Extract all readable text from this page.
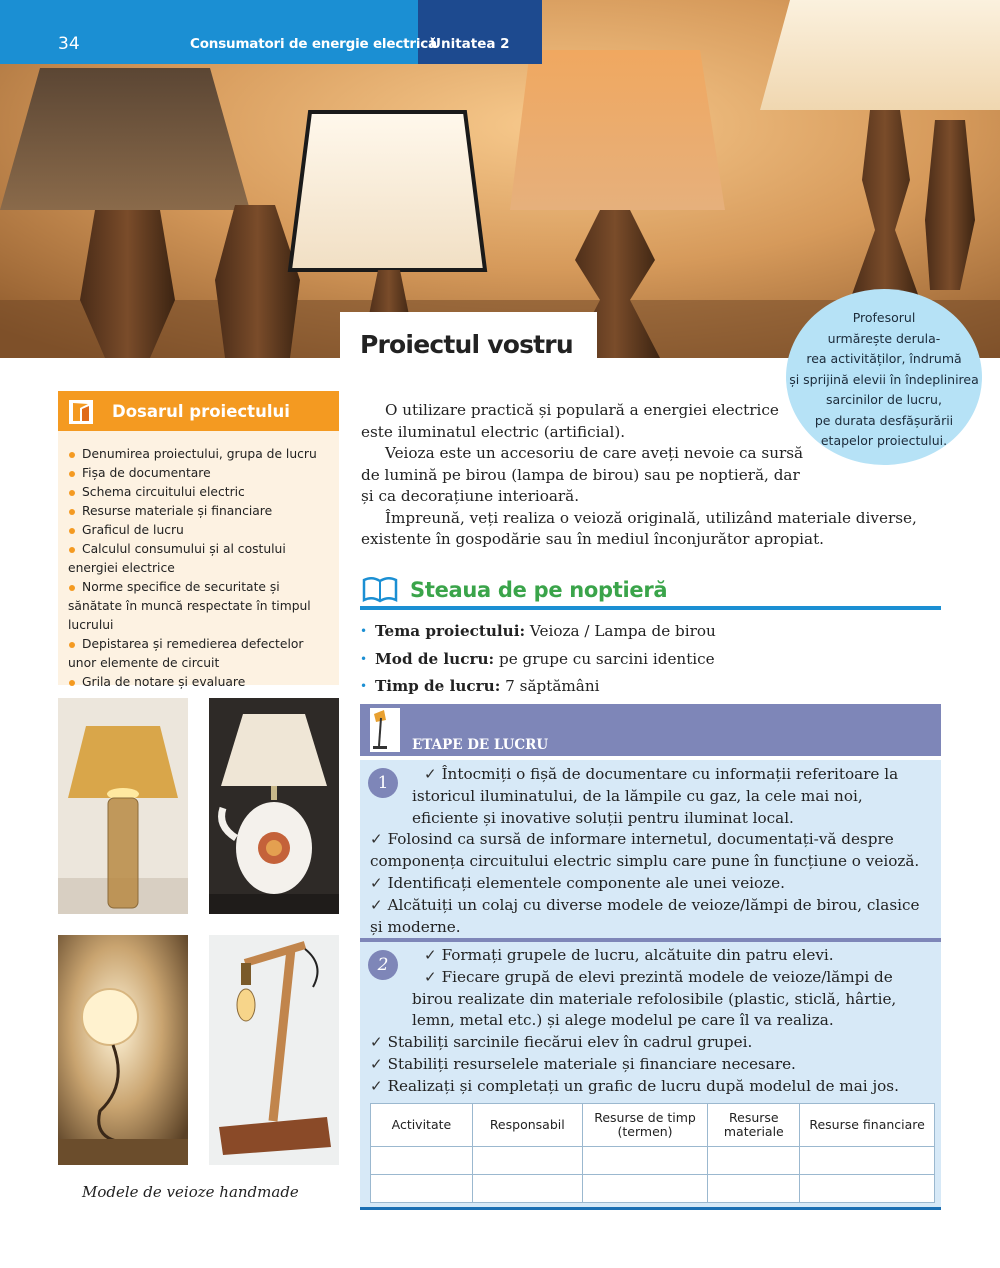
34	Consumatori de energie electrică
Unitatea 2
Proiectul vostru
Profesorul
urmărește derula-
rea activităților, îndrumă
și sprijină elevii în îndeplinirea
sarcinilor de lucru,
pe durata desfășurării
etapelor proiectului.
Dosarul proiectului
Denumirea proiectului, grupa de lucru
Fișa de documentare
Schema circuitului electric
Resurse materiale și financiare
Graficul de lucru
Calculul consumului și al costului energiei electrice
Norme specifice de securitate și sănătate în muncă respectate în timpul lucrului
Depistarea și remedierea defectelor unor elemente de circuit
Grila de notare și evaluare
Modele de veioze handmade

O utilizare practică și populară a energiei electrice este iluminatul electric (artificial).

Veioza este un accesoriu de care aveți nevoie ca sursă de lumină pe birou (lampa de birou) sau pe noptieră, dar și ca decorațiune interioară.

Împreună, veți realiza o veioză originală, utilizând materiale diverse, existente în gospodărie sau în mediul înconjurător apropiat.

Steaua de pe noptieră
• Tema proiectului: Veioza / Lampa de birou
• Mod de lucru: pe grupe cu sarcini identice
• Timp de lucru: 7 săptămâni
ETAPE DE LUCRU
1	✓ Întocmiți o fișă de documentare cu informații referitoare la istoricul iluminatului, de la lămpile cu gaz, la cele mai noi, eficiente și inovative soluții pentru iluminat local.
✓ Folosind ca sursă de informare internetul, documentați-vă despre componența circuitului electric simplu care pune în funcțiune o veioză.
✓ Identificați elementele componente ale unei veioze.
✓ Alcătuiți un colaj cu diverse modele de veioze/lămpi de birou, clasice și moderne.
2	✓ Formați grupele de lucru, alcătuite din patru elevi.
✓ Fiecare grupă de elevi prezintă modele de veioze/lămpi de birou realizate din materiale refolosibile (plastic, sticlă, hârtie, lemn, metal etc.) și alege modelul pe care îl va realiza.
✓ Stabiliți sarcinile fiecărui elev în cadrul grupei.
✓ Stabiliți resurselele materiale și financiare necesare.
✓ Realizați și completați un grafic de lucru după modelul de mai jos.
Activitate	Responsabil	Resurse de timp (termen)	Resurse materiale	Resurse financiare
